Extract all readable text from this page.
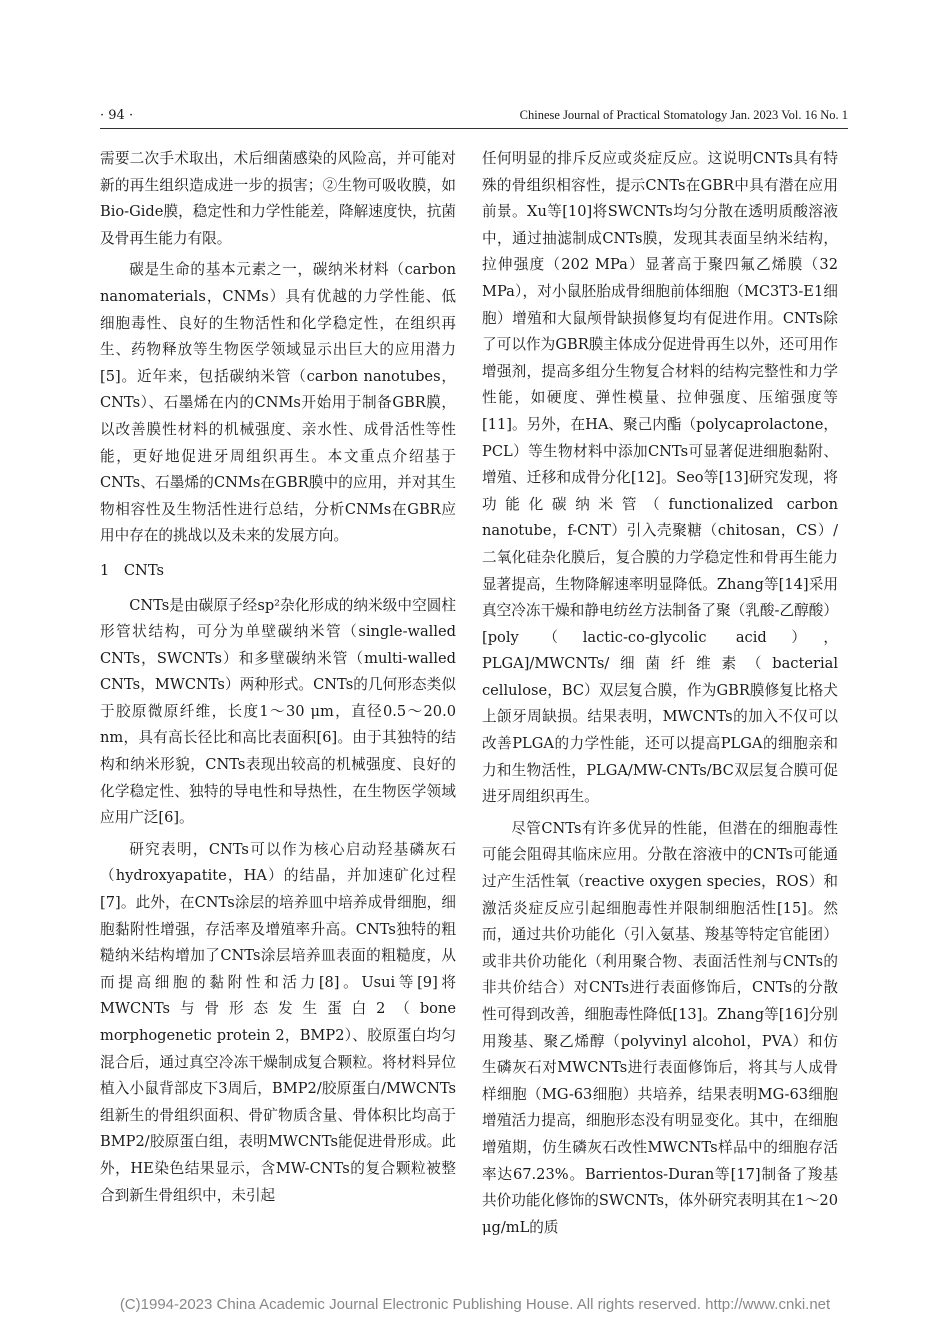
· 94 ·	Chinese Journal of Practical Stomatology Jan. 2023 Vol. 16 No. 1

需要二次手术取出，术后细菌感染的风险高，并可能对新的再生组织造成进一步的损害；②生物可吸收膜，如Bio-Gide膜，稳定性和力学性能差，降解速度快，抗菌及骨再生能力有限。

碳是生命的基本元素之一，碳纳米材料（carbon nanomaterials，CNMs）具有优越的力学性能、低细胞毒性、良好的生物活性和化学稳定性，在组织再生、药物释放等生物医学领域显示出巨大的应用潜力[5]。近年来，包括碳纳米管（carbon nanotubes，CNTs）、石墨烯在内的CNMs开始用于制备GBR膜，以改善膜性材料的机械强度、亲水性、成骨活性等性能，更好地促进牙周组织再生。本文重点介绍基于CNTs、石墨烯的CNMs在GBR膜中的应用，并对其生物相容性及生物活性进行总结，分析CNMs在GBR应用中存在的挑战以及未来的发展方向。

1　CNTs

CNTs是由碳原子经sp²杂化形成的纳米级中空圆柱形管状结构，可分为单壁碳纳米管（single-walled CNTs，SWCNTs）和多壁碳纳米管（multi-walled CNTs，MWCNTs）两种形式。CNTs的几何形态类似于胶原微原纤维，长度1～30 μm，直径0.5～20.0 nm，具有高长径比和高比表面积[6]。由于其独特的结构和纳米形貌，CNTs表现出较高的机械强度、良好的化学稳定性、独特的导电性和导热性，在生物医学领域应用广泛[6]。

研究表明，CNTs可以作为核心启动羟基磷灰石（hydroxyapatite，HA）的结晶，并加速矿化过程[7]。此外，在CNTs涂层的培养皿中培养成骨细胞，细胞黏附性增强，存活率及增殖率升高。CNTs独特的粗糙纳米结构增加了CNTs涂层培养皿表面的粗糙度，从而提高细胞的黏附性和活力[8]。Usui等[9]将MWCNTs与骨形态发生蛋白2（bone morphogenetic protein 2，BMP2）、胶原蛋白均匀混合后，通过真空冷冻干燥制成复合颗粒。将材料异位植入小鼠背部皮下3周后，BMP2/胶原蛋白/MWCNTs组新生的骨组织面积、骨矿物质含量、骨体积比均高于BMP2/胶原蛋白组，表明MWCNTs能促进骨形成。此外，HE染色结果显示，含MW-CNTs的复合颗粒被整合到新生骨组织中，未引起

任何明显的排斥反应或炎症反应。这说明CNTs具有特殊的骨组织相容性，提示CNTs在GBR中具有潜在应用前景。Xu等[10]将SWCNTs均匀分散在透明质酸溶液中，通过抽滤制成CNTs膜，发现其表面呈纳米结构，拉伸强度（202 MPa）显著高于聚四氟乙烯膜（32 MPa），对小鼠胚胎成骨细胞前体细胞（MC3T3-E1细胞）增殖和大鼠颅骨缺损修复均有促进作用。CNTs除了可以作为GBR膜主体成分促进骨再生以外，还可用作增强剂，提高多组分生物复合材料的结构完整性和力学性能，如硬度、弹性模量、拉伸强度、压缩强度等[11]。另外，在HA、聚己内酯（polycaprolactone，PCL）等生物材料中添加CNTs可显著促进细胞黏附、增殖、迁移和成骨分化[12]。Seo等[13]研究发现，将功能化碳纳米管（functionalized carbon nanotube，f-CNT）引入壳聚糖（chitosan，CS）/二氧化硅杂化膜后，复合膜的力学稳定性和骨再生能力显著提高，生物降解速率明显降低。Zhang等[14]采用真空冷冻干燥和静电纺丝方法制备了聚（乳酸-乙醇酸）[poly（lactic-co-glycolic acid），PLGA]/MWCNTs/细菌纤维素（bacterial cellulose，BC）双层复合膜，作为GBR膜修复比格犬上颌牙周缺损。结果表明，MWCNTs的加入不仅可以改善PLGA的力学性能，还可以提高PLGA的细胞亲和力和生物活性，PLGA/MW-CNTs/BC双层复合膜可促进牙周组织再生。

尽管CNTs有许多优异的性能，但潜在的细胞毒性可能会阻碍其临床应用。分散在溶液中的CNTs可能通过产生活性氧（reactive oxygen species，ROS）和激活炎症反应引起细胞毒性并限制细胞活性[15]。然而，通过共价功能化（引入氨基、羧基等特定官能团）或非共价功能化（利用聚合物、表面活性剂与CNTs的非共价结合）对CNTs进行表面修饰后，CNTs的分散性可得到改善，细胞毒性降低[13]。Zhang等[16]分别用羧基、聚乙烯醇（polyvinyl alcohol，PVA）和仿生磷灰石对MWCNTs进行表面修饰后，将其与人成骨样细胞（MG-63细胞）共培养，结果表明MG-63细胞增殖活力提高，细胞形态没有明显变化。其中，在细胞增殖期，仿生磷灰石改性MWCNTs样品中的细胞存活率达67.23%。Barrientos-Duran等[17]制备了羧基共价功能化修饰的SWCNTs，体外研究表明其在1～20 μg/mL的质

(C)1994-2023 China Academic Journal Electronic Publishing House. All rights reserved. http://www.cnki.net
